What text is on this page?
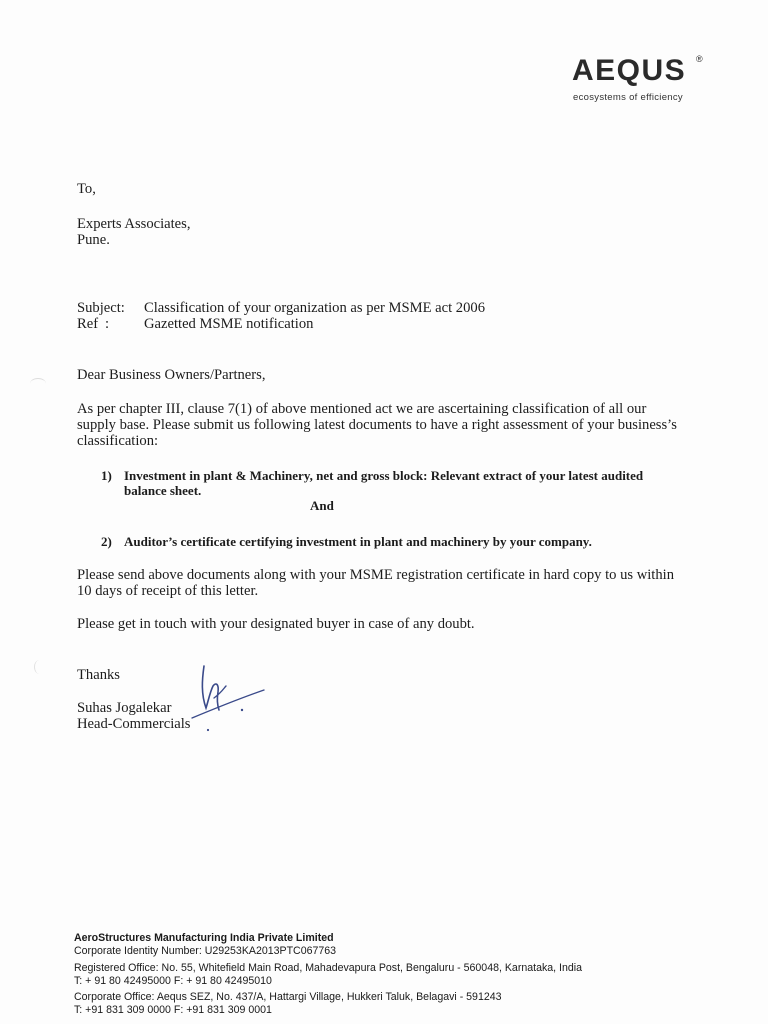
AEQUS ®
ecosystems of efficiency
To,
Experts Associates,
Pune.
Subject: Classification of your organization as per MSME act 2006
Ref : Gazetted MSME notification
Dear Business Owners/Partners,
As per chapter III, clause 7(1) of above mentioned act we are ascertaining classification of all our
supply base. Please submit us following latest documents to have a right assessment of your business’s
classification:
1) Investment in plant & Machinery, net and gross block: Relevant extract of your latest audited
balance sheet.
And
2) Auditor’s certificate certifying investment in plant and machinery by your company.
Please send above documents along with your MSME registration certificate in hard copy to us within
10 days of receipt of this letter.
Please get in touch with your designated buyer in case of any doubt.
Thanks
Suhas Jogalekar
Head-Commercials
AeroStructures Manufacturing India Private Limited
Corporate Identity Number: U29253KA2013PTC067763
Registered Office: No. 55, Whitefield Main Road, Mahadevapura Post, Bengaluru - 560048, Karnataka, India
T: + 91 80 42495000 F: + 91 80 42495010
Corporate Office: Aequs SEZ, No. 437/A, Hattargi Village, Hukkeri Taluk, Belagavi - 591243
T: +91 831 309 0000 F: +91 831 309 0001
